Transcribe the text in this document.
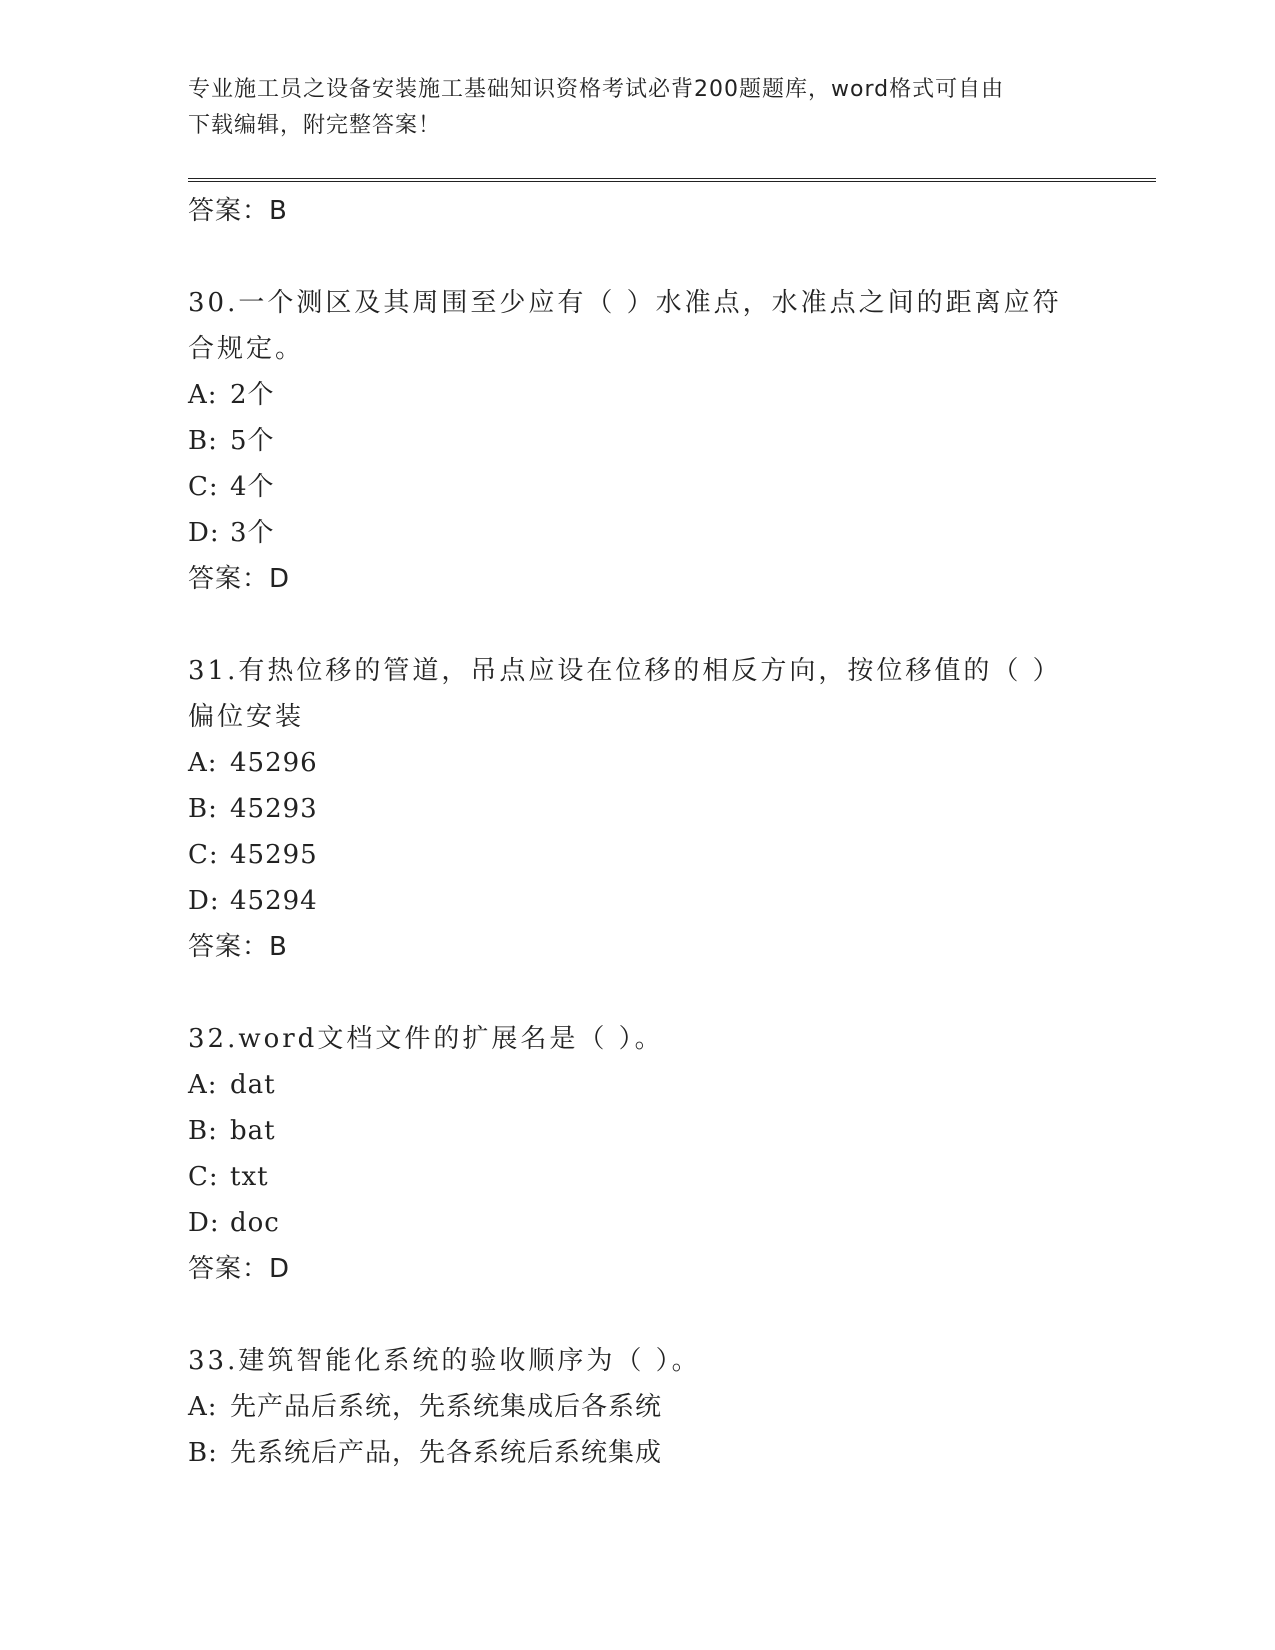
专业施工员之设备安装施工基础知识资格考试必背200题题库，word格式可自由
下载编辑，附完整答案！
答案：B
30.一个测区及其周围至少应有（ ）水准点，水准点之间的距离应符
合规定。
A: 2个
B: 5个
C: 4个
D: 3个
答案：D
31.有热位移的管道，吊点应设在位移的相反方向，按位移值的（ ）
偏位安装
A: 45296
B: 45293
C: 45295
D: 45294
答案：B
32.word文档文件的扩展名是（ ）。
A: dat
B: bat
C: txt
D: doc
答案：D
33.建筑智能化系统的验收顺序为（ ）。
A: 先产品后系统，先系统集成后各系统
B: 先系统后产品，先各系统后系统集成
